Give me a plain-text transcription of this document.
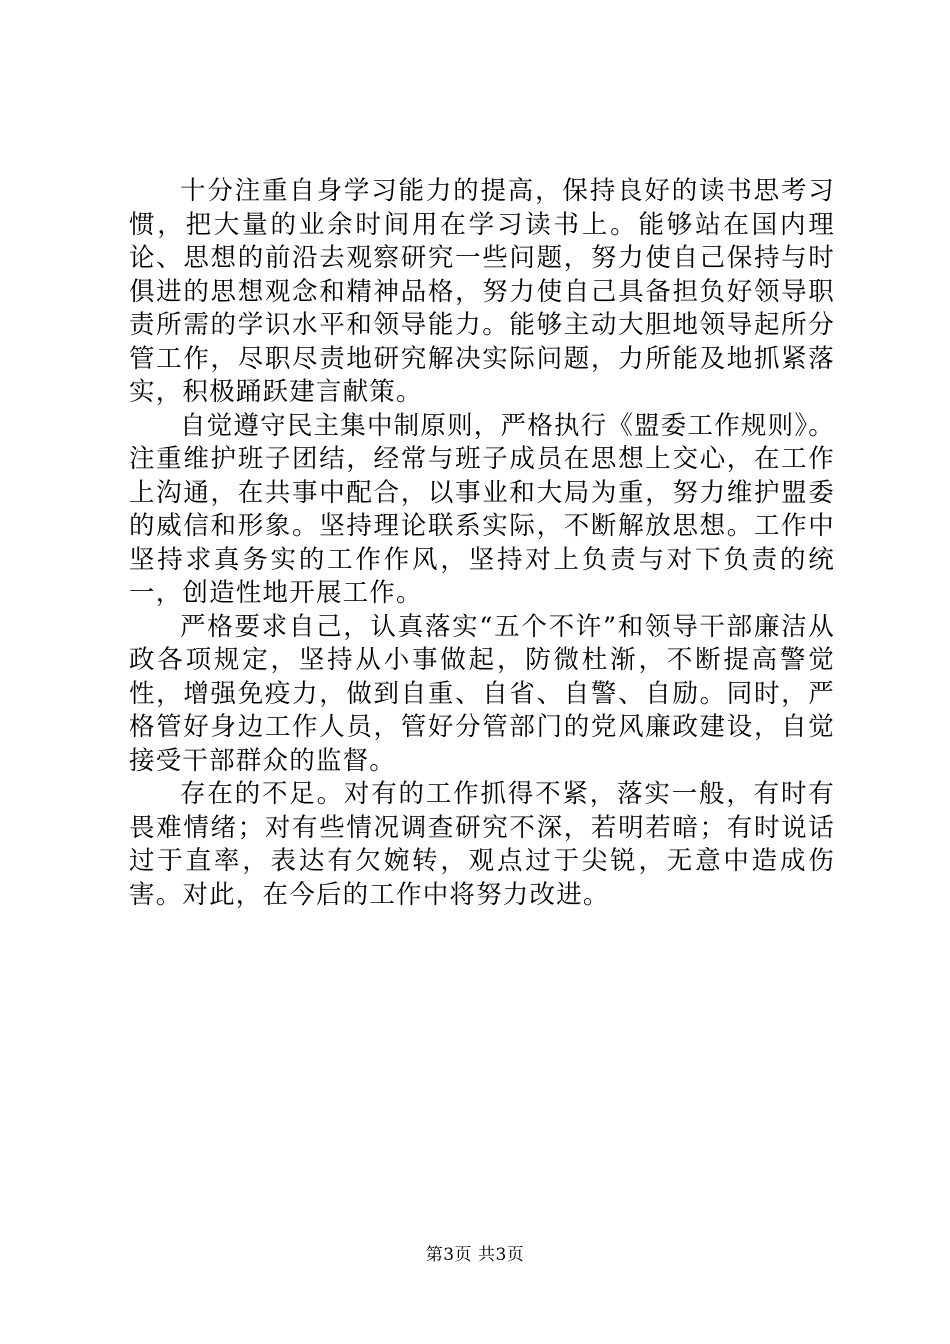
十分注重自身学习能力的提高，保持良好的读书思考习惯，把大量的业余时间用在学习读书上。能够站在国内理论、思想的前沿去观察研究一些问题，努力使自己保持与时俱进的思想观念和精神品格，努力使自己具备担负好领导职责所需的学识水平和领导能力。能够主动大胆地领导起所分管工作，尽职尽责地研究解决实际问题，力所能及地抓紧落实，积极踊跃建言献策。

自觉遵守民主集中制原则，严格执行《盟委工作规则》。注重维护班子团结，经常与班子成员在思想上交心，在工作上沟通，在共事中配合，以事业和大局为重，努力维护盟委的威信和形象。坚持理论联系实际，不断解放思想。工作中坚持求真务实的工作作风，坚持对上负责与对下负责的统一，创造性地开展工作。

严格要求自己，认真落实“五个不许”和领导干部廉洁从政各项规定，坚持从小事做起，防微杜渐，不断提高警觉性，增强免疫力，做到自重、自省、自警、自励。同时，严格管好身边工作人员，管好分管部门的党风廉政建设，自觉接受干部群众的监督。

存在的不足。对有的工作抓得不紧，落实一般，有时有畏难情绪；对有些情况调查研究不深，若明若暗；有时说话过于直率，表达有欠婉转，观点过于尖锐，无意中造成伤害。对此，在今后的工作中将努力改进。

第3页 共3页
